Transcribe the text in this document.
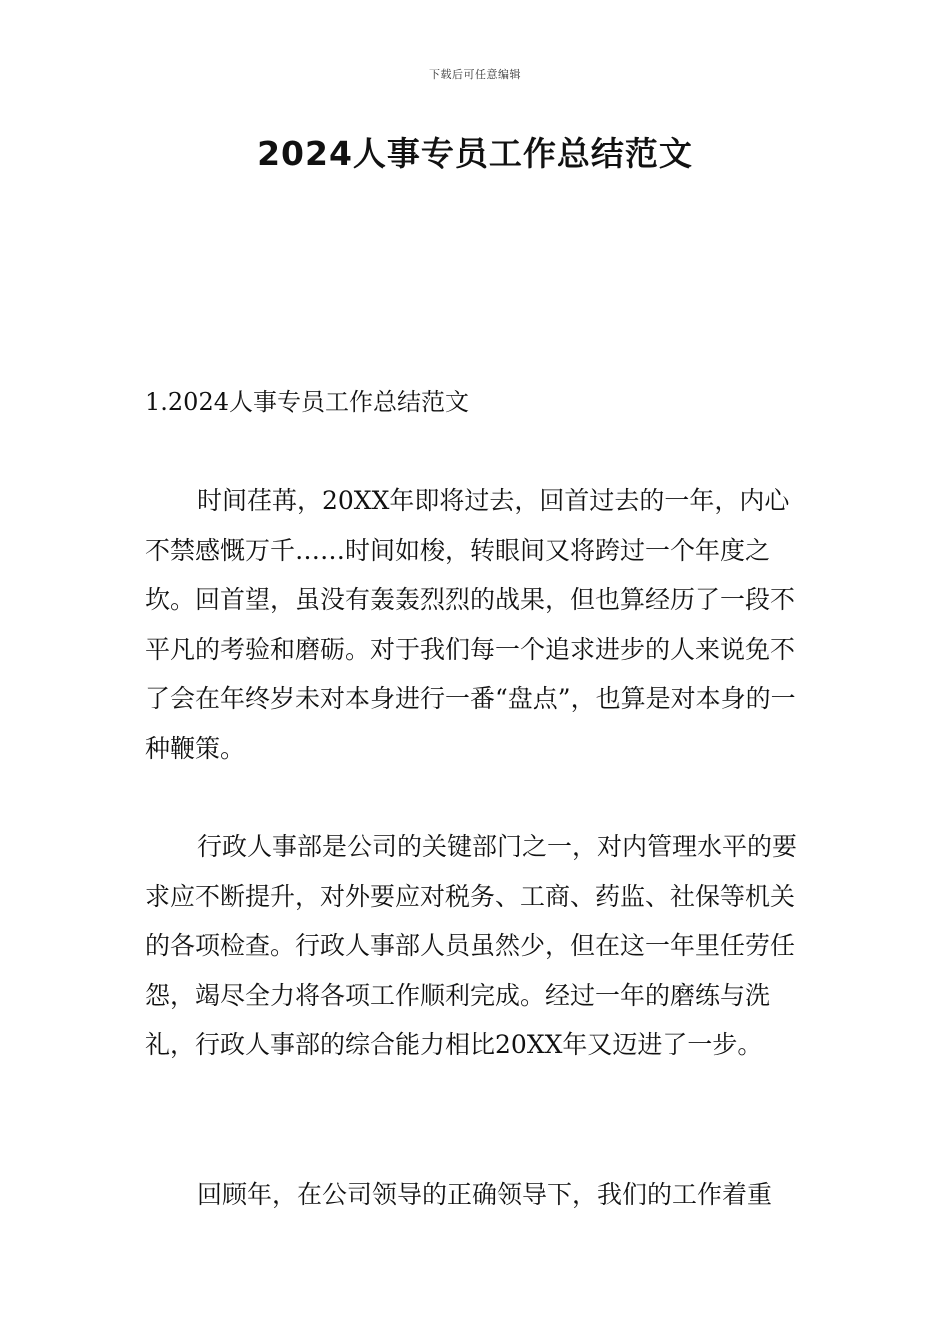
下载后可任意编辑
2024人事专员工作总结范文
1.2024人事专员工作总结范文

时间荏苒，20XX年即将过去，回首过去的一年，内心不禁感慨万千……时间如梭，转眼间又将跨过一个年度之坎。回首望，虽没有轰轰烈烈的战果，但也算经历了一段不平凡的考验和磨砺。对于我们每一个追求进步的人来说免不了会在年终岁未对本身进行一番“盘点”，也算是对本身的一种鞭策。

行政人事部是公司的关键部门之一，对内管理水平的要求应不断提升，对外要应对税务、工商、药监、社保等机关的各项检查。行政人事部人员虽然少，但在这一年里任劳任怨，竭尽全力将各项工作顺利完成。经过一年的磨练与洗礼，行政人事部的综合能力相比20XX年又迈进了一步。

回顾年，在公司领导的正确领导下，我们的工作着重
